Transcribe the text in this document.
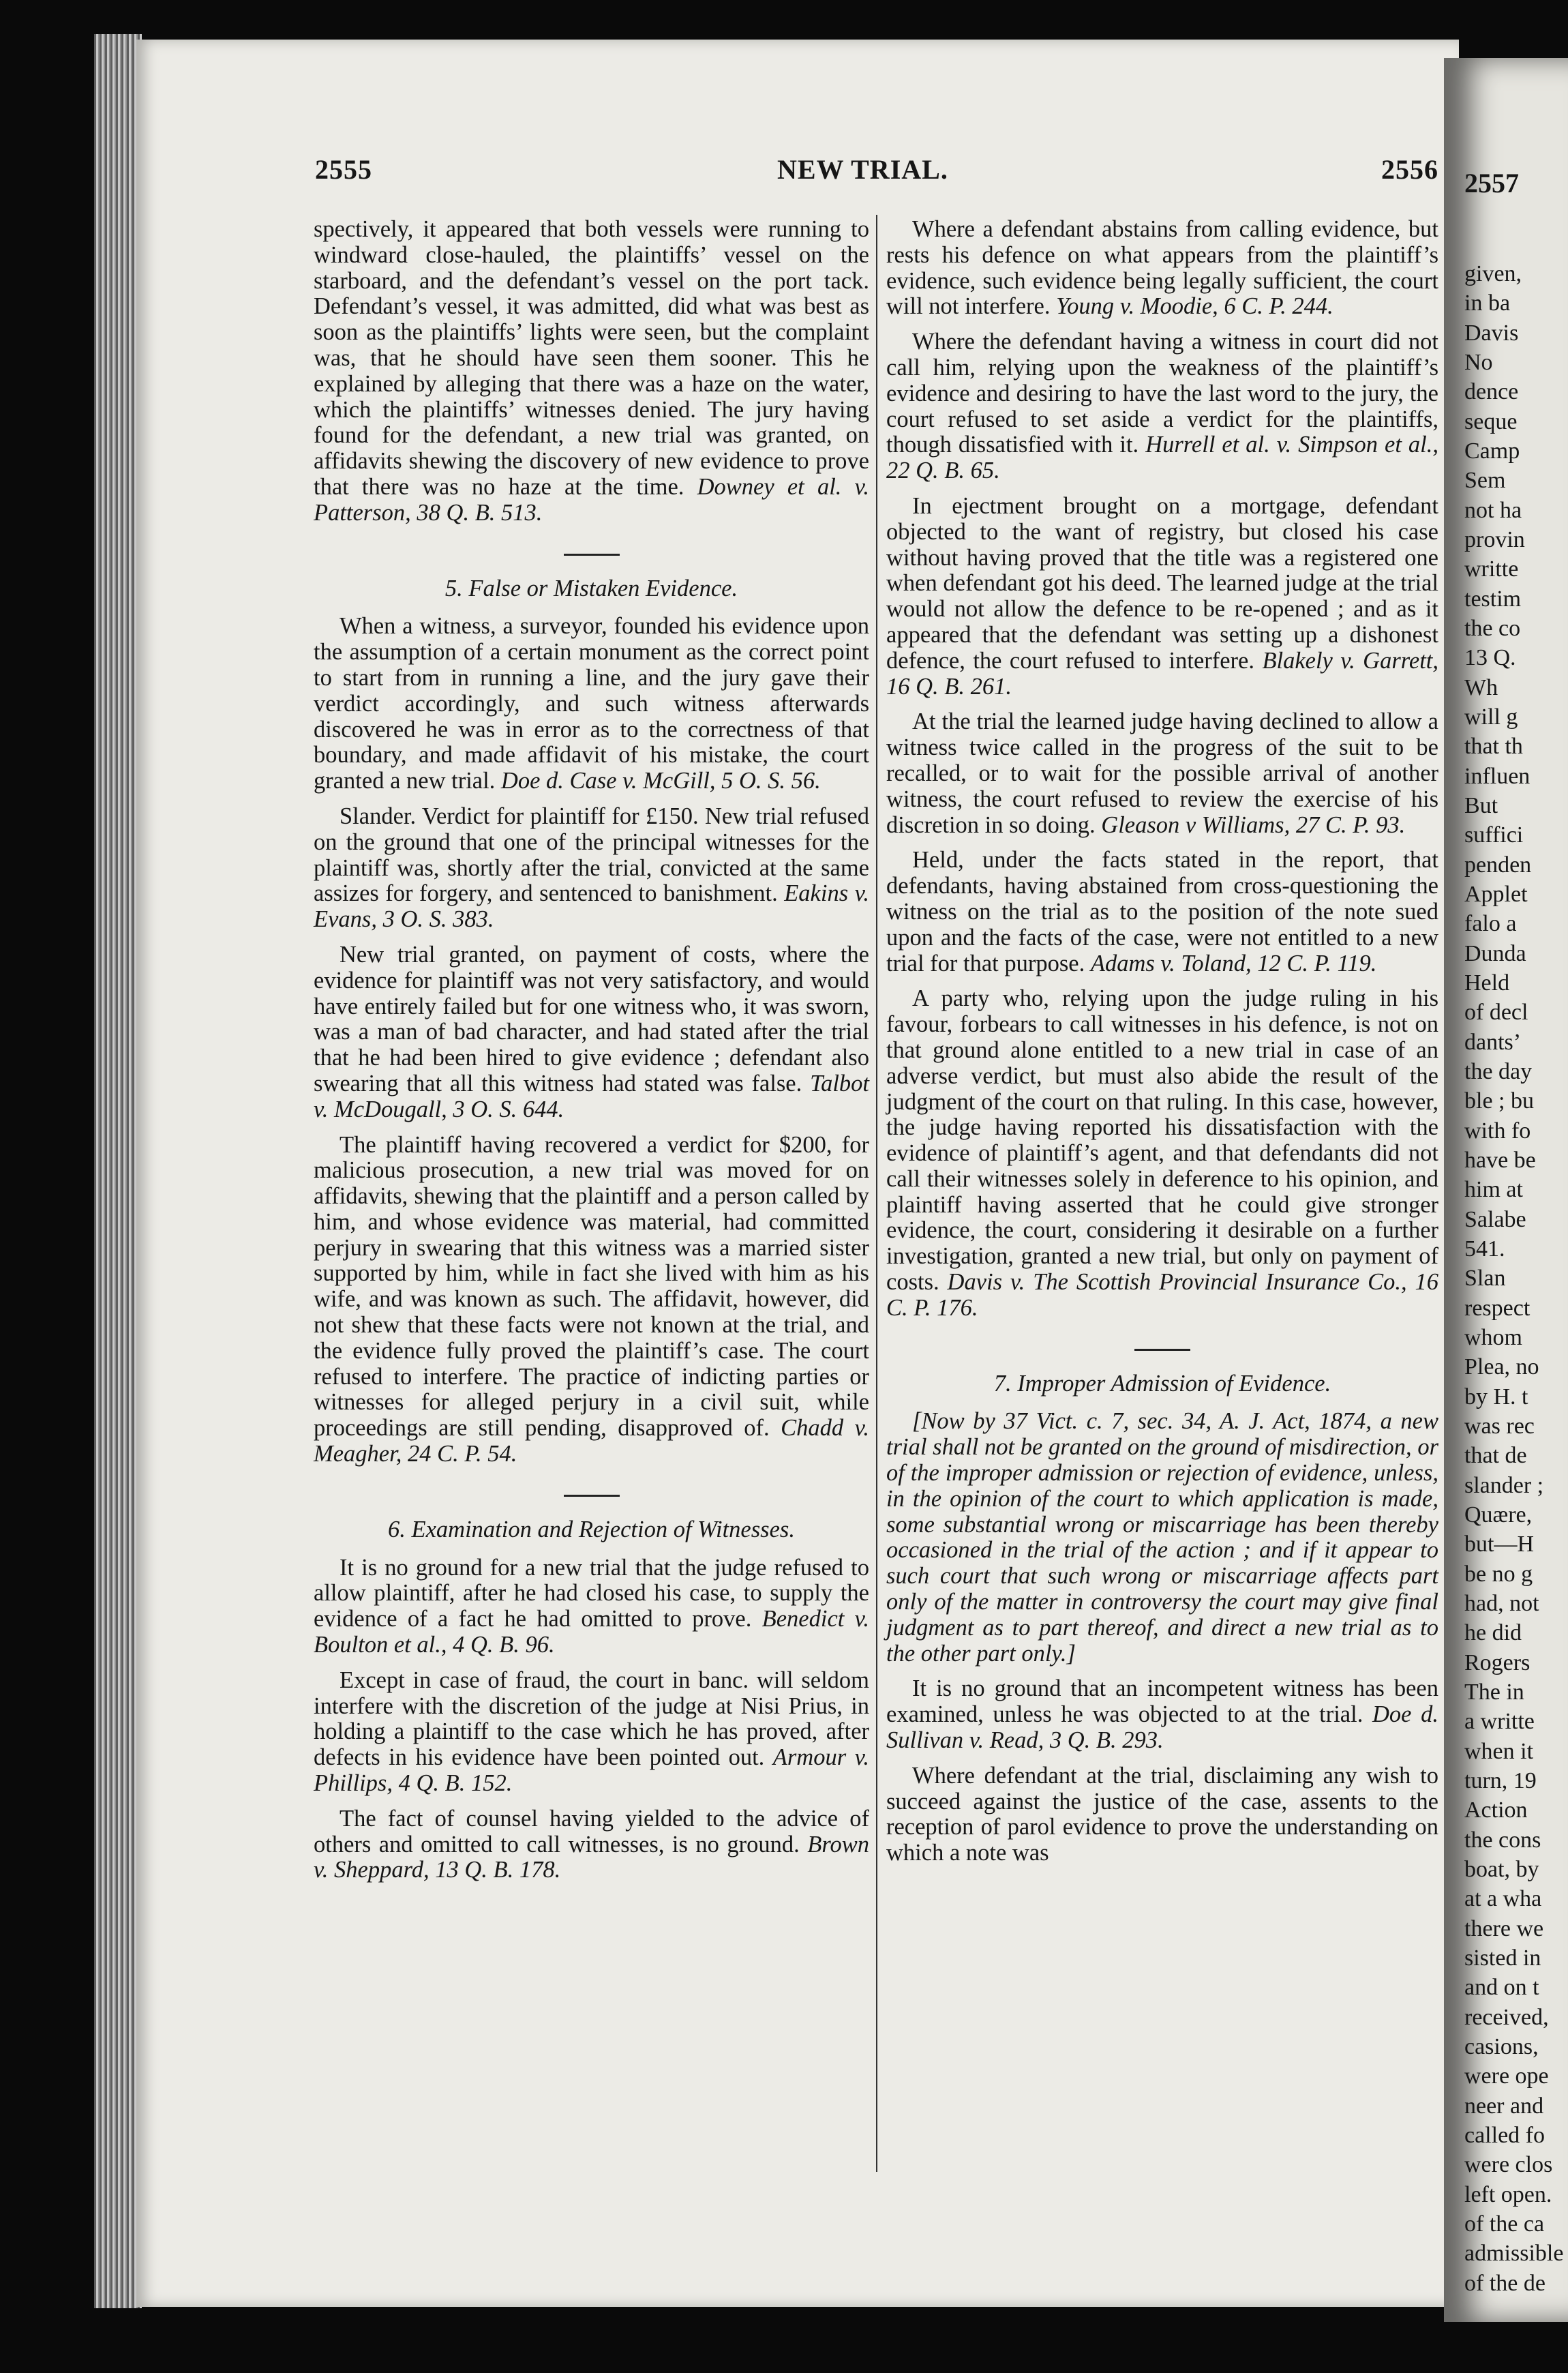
2557
given,
in ba
Davis
No
dence
seque
Camp
Sem
not ha
provin
writte
testim
the co
13 Q.
Wh
will g
that th
influen
But
suffici
penden
Applet
falo a
Dunda
Held
of decl
dants’
the day
ble ; bu
with fo
have be
him at
Salabe
541.
Slan
respect
whom
Plea, no
by H. t
was rec
that de
slander ;
Quære,
but—H
be no g
had, not
he did
Rogers
The in
a writte
when it
turn, 19
Action
the cons
boat, by
at a wha
there we
sisted in
and on t
received,
casions,
were ope
neer and
called fo
were clos
left open.
of the ca
admissible
of the de
2555	NEW TRIAL.	2556

spectively, it appeared that both vessels were running to windward close-hauled, the plaintiffs’ vessel on the starboard, and the defendant’s vessel on the port tack. Defendant’s vessel, it was admitted, did what was best as soon as the plaintiffs’ lights were seen, but the complaint was, that he should have seen them sooner. This he explained by alleging that there was a haze on the water, which the plaintiffs’ witnesses denied. The jury having found for the defendant, a new trial was granted, on affidavits shewing the discovery of new evidence to prove that there was no haze at the time. Downey et al. v. Patterson, 38 Q. B. 513.

5. False or Mistaken Evidence.

When a witness, a surveyor, founded his evidence upon the assumption of a certain monument as the correct point to start from in running a line, and the jury gave their verdict accordingly, and such witness afterwards discovered he was in error as to the correctness of that boundary, and made affidavit of his mistake, the court granted a new trial. Doe d. Case v. McGill, 5 O. S. 56.

Slander. Verdict for plaintiff for £150. New trial refused on the ground that one of the principal witnesses for the plaintiff was, shortly after the trial, convicted at the same assizes for forgery, and sentenced to banishment. Eakins v. Evans, 3 O. S. 383.

New trial granted, on payment of costs, where the evidence for plaintiff was not very satisfactory, and would have entirely failed but for one witness who, it was sworn, was a man of bad character, and had stated after the trial that he had been hired to give evidence ; defendant also swearing that all this witness had stated was false. Talbot v. McDougall, 3 O. S. 644.

The plaintiff having recovered a verdict for $200, for malicious prosecution, a new trial was moved for on affidavits, shewing that the plaintiff and a person called by him, and whose evidence was material, had committed perjury in swearing that this witness was a married sister supported by him, while in fact she lived with him as his wife, and was known as such. The affidavit, however, did not shew that these facts were not known at the trial, and the evidence fully proved the plaintiff’s case. The court refused to interfere. The practice of indicting parties or witnesses for alleged perjury in a civil suit, while proceedings are still pending, disapproved of. Chadd v. Meagher, 24 C. P. 54.

6. Examination and Rejection of Witnesses.

It is no ground for a new trial that the judge refused to allow plaintiff, after he had closed his case, to supply the evidence of a fact he had omitted to prove. Benedict v. Boulton et al., 4 Q. B. 96.

Except in case of fraud, the court in banc. will seldom interfere with the discretion of the judge at Nisi Prius, in holding a plaintiff to the case which he has proved, after defects in his evidence have been pointed out. Armour v. Phillips, 4 Q. B. 152.

The fact of counsel having yielded to the advice of others and omitted to call witnesses, is no ground. Brown v. Sheppard, 13 Q. B. 178.

Where a defendant abstains from calling evidence, but rests his defence on what appears from the plaintiff’s evidence, such evidence being legally sufficient, the court will not interfere. Young v. Moodie, 6 C. P. 244.

Where the defendant having a witness in court did not call him, relying upon the weakness of the plaintiff’s evidence and desiring to have the last word to the jury, the court refused to set aside a verdict for the plaintiffs, though dissatisfied with it. Hurrell et al. v. Simpson et al., 22 Q. B. 65.

In ejectment brought on a mortgage, defendant objected to the want of registry, but closed his case without having proved that the title was a registered one when defendant got his deed. The learned judge at the trial would not allow the defence to be re-opened ; and as it appeared that the defendant was setting up a dishonest defence, the court refused to interfere. Blakely v. Garrett, 16 Q. B. 261.

At the trial the learned judge having declined to allow a witness twice called in the progress of the suit to be recalled, or to wait for the possible arrival of another witness, the court refused to review the exercise of his discretion in so doing. Gleason v Williams, 27 C. P. 93.

Held, under the facts stated in the report, that defendants, having abstained from cross-questioning the witness on the trial as to the position of the note sued upon and the facts of the case, were not entitled to a new trial for that purpose. Adams v. Toland, 12 C. P. 119.

A party who, relying upon the judge ruling in his favour, forbears to call witnesses in his defence, is not on that ground alone entitled to a new trial in case of an adverse verdict, but must also abide the result of the judgment of the court on that ruling. In this case, however, the judge having reported his dissatisfaction with the evidence of plaintiff’s agent, and that defendants did not call their witnesses solely in deference to his opinion, and plaintiff having asserted that he could give stronger evidence, the court, considering it desirable on a further investigation, granted a new trial, but only on payment of costs. Davis v. The Scottish Provincial Insurance Co., 16 C. P. 176.

7. Improper Admission of Evidence.

[Now by 37 Vict. c. 7, sec. 34, A. J. Act, 1874, a new trial shall not be granted on the ground of misdirection, or of the improper admission or rejection of evidence, unless, in the opinion of the court to which application is made, some substantial wrong or miscarriage has been thereby occasioned in the trial of the action ; and if it appear to such court that such wrong or miscarriage affects part only of the matter in controversy the court may give final judgment as to part thereof, and direct a new trial as to the other part only.]

It is no ground that an incompetent witness has been examined, unless he was objected to at the trial. Doe d. Sullivan v. Read, 3 Q. B. 293.

Where defendant at the trial, disclaiming any wish to succeed against the justice of the case, assents to the reception of parol evidence to prove the understanding on which a note was
